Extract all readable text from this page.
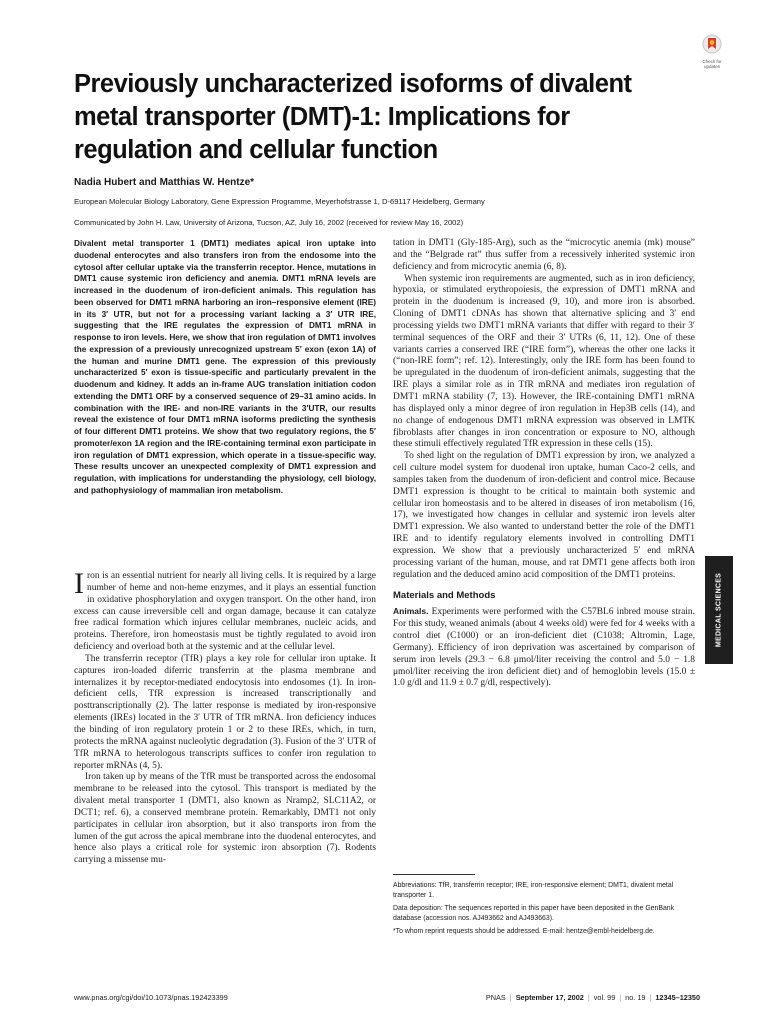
Check for
updates
Previously uncharacterized isoforms of divalent metal transporter (DMT)-1: Implications for regulation and cellular function

Nadia Hubert and Matthias W. Hentze*

European Molecular Biology Laboratory, Gene Expression Programme, Meyerhofstrasse 1, D-69117 Heidelberg, Germany

Communicated by John H. Law, University of Arizona, Tucson, AZ, July 16, 2002 (received for review May 16, 2002)

Divalent metal transporter 1 (DMT1) mediates apical iron uptake into duodenal enterocytes and also transfers iron from the endosome into the cytosol after cellular uptake via the transferrin receptor. Hence, mutations in DMT1 cause systemic iron deficiency and anemia. DMT1 mRNA levels are increased in the duodenum of iron-deficient animals. This regulation has been observed for DMT1 mRNA harboring an iron–responsive element (IRE) in its 3′ UTR, but not for a processing variant lacking a 3′ UTR IRE, suggesting that the IRE regulates the expression of DMT1 mRNA in response to iron levels. Here, we show that iron regulation of DMT1 involves the expression of a previously unrecognized upstream 5′ exon (exon 1A) of the human and murine DMT1 gene. The expression of this previously uncharacterized 5′ exon is tissue-specific and particularly prevalent in the duodenum and kidney. It adds an in-frame AUG translation initiation codon extending the DMT1 ORF by a conserved sequence of 29–31 amino acids. In combination with the IRE- and non-IRE variants in the 3′UTR, our results reveal the existence of four DMT1 mRNA isoforms predicting the synthesis of four different DMT1 proteins. We show that two regulatory regions, the 5′ promoter/exon 1A region and the IRE-containing terminal exon participate in iron regulation of DMT1 expression, which operate in a tissue-specific way. These results uncover an unexpected complexity of DMT1 expression and regulation, with implications for understanding the physiology, cell biology, and pathophysiology of mammalian iron metabolism.

Iron is an essential nutrient for nearly all living cells. It is required by a large number of heme and non-heme enzymes, and it plays an essential function in oxidative phosphorylation and oxygen transport. On the other hand, iron excess can cause irreversible cell and organ damage, because it can catalyze free radical formation which injures cellular membranes, nucleic acids, and proteins. Therefore, iron homeostasis must be tightly regulated to avoid iron deficiency and overload both at the systemic and at the cellular level.

The transferrin receptor (TfR) plays a key role for cellular iron uptake. It captures iron-loaded diferric transferrin at the plasma membrane and internalizes it by receptor-mediated endocytosis into endosomes (1). In iron-deficient cells, TfR expression is increased transcriptionally and posttranscriptionally (2). The latter response is mediated by iron-responsive elements (IREs) located in the 3′ UTR of TfR mRNA. Iron deficiency induces the binding of iron regulatory protein 1 or 2 to these IREs, which, in turn, protects the mRNA against nucleolytic degradation (3). Fusion of the 3′ UTR of TfR mRNA to heterologous transcripts suffices to confer iron regulation to reporter mRNAs (4, 5).

Iron taken up by means of the TfR must be transported across the endosomal membrane to be released into the cytosol. This transport is mediated by the divalent metal transporter 1 (DMT1, also known as Nramp2, SLC11A2, or DCT1; ref. 6), a conserved membrane protein. Remarkably, DMT1 not only participates in cellular iron absorption, but it also transports iron from the lumen of the gut across the apical membrane into the duodenal enterocytes, and hence also plays a critical role for systemic iron absorption (7). Rodents carrying a missense mu-

tation in DMT1 (Gly-185-Arg), such as the “microcytic anemia (mk) mouse” and the “Belgrade rat” thus suffer from a recessively inherited systemic iron deficiency and from microcytic anemia (6, 8).

When systemic iron requirements are augmented, such as in iron deficiency, hypoxia, or stimulated erythropoiesis, the expression of DMT1 mRNA and protein in the duodenum is increased (9, 10), and more iron is absorbed. Cloning of DMT1 cDNAs has shown that alternative splicing and 3′ end processing yields two DMT1 mRNA variants that differ with regard to their 3′ terminal sequences of the ORF and their 3′ UTRs (6, 11, 12). One of these variants carries a conserved IRE (“IRE form”), whereas the other one lacks it (“non-IRE form”; ref. 12). Interestingly, only the IRE form has been found to be upregulated in the duodenum of iron-deficient animals, suggesting that the IRE plays a similar role as in TfR mRNA and mediates iron regulation of DMT1 mRNA stability (7, 13). However, the IRE-containing DMT1 mRNA has displayed only a minor degree of iron regulation in Hep3B cells (14), and no change of endogenous DMT1 mRNA expression was observed in LMTK fibroblasts after changes in iron concentration or exposure to NO, although these stimuli effectively regulated TfR expression in these cells (15).

To shed light on the regulation of DMT1 expression by iron, we analyzed a cell culture model system for duodenal iron uptake, human Caco-2 cells, and samples taken from the duodenum of iron-deficient and control mice. Because DMT1 expression is thought to be critical to maintain both systemic and cellular iron homeostasis and to be altered in diseases of iron metabolism (16, 17), we investigated how changes in cellular and systemic iron levels alter DMT1 expression. We also wanted to understand better the role of the DMT1 IRE and to identify regulatory elements involved in controlling DMT1 expression. We show that a previously uncharacterized 5′ end mRNA processing variant of the human, mouse, and rat DMT1 gene affects both iron regulation and the deduced amino acid composition of the DMT1 proteins.

Materials and Methods

Animals. Experiments were performed with the C57BL6 inbred mouse strain. For this study, weaned animals (about 4 weeks old) were fed for 4 weeks with a control diet (C1000) or an iron-deficient diet (C1038; Altromin, Lage, Germany). Efficiency of iron deprivation was ascertained by comparison of serum iron levels (29.3 − 6.8 μmol/liter receiving the control and 5.0 − 1.8 μmol/liter receiving the iron deficient diet) and of hemoglobin levels (15.0 ± 1.0 g/dl and 11.9 ± 0.7 g/dl, respectively).

MEDICAL SCIENCES

Abbreviations: TfR, transferrin receptor; IRE, iron-responsive element; DMT1, divalent metal transporter 1.

Data deposition: The sequences reported in this paper have been deposited in the GenBank database (accession nos. AJ493662 and AJ493663).

*To whom reprint requests should be addressed. E-mail: hentze@embl-heidelberg.de.

www.pnas.org/cgi/doi/10.1073/pnas.192423399	PNAS | September 17, 2002 | vol. 99 | no. 19 | 12345–12350
